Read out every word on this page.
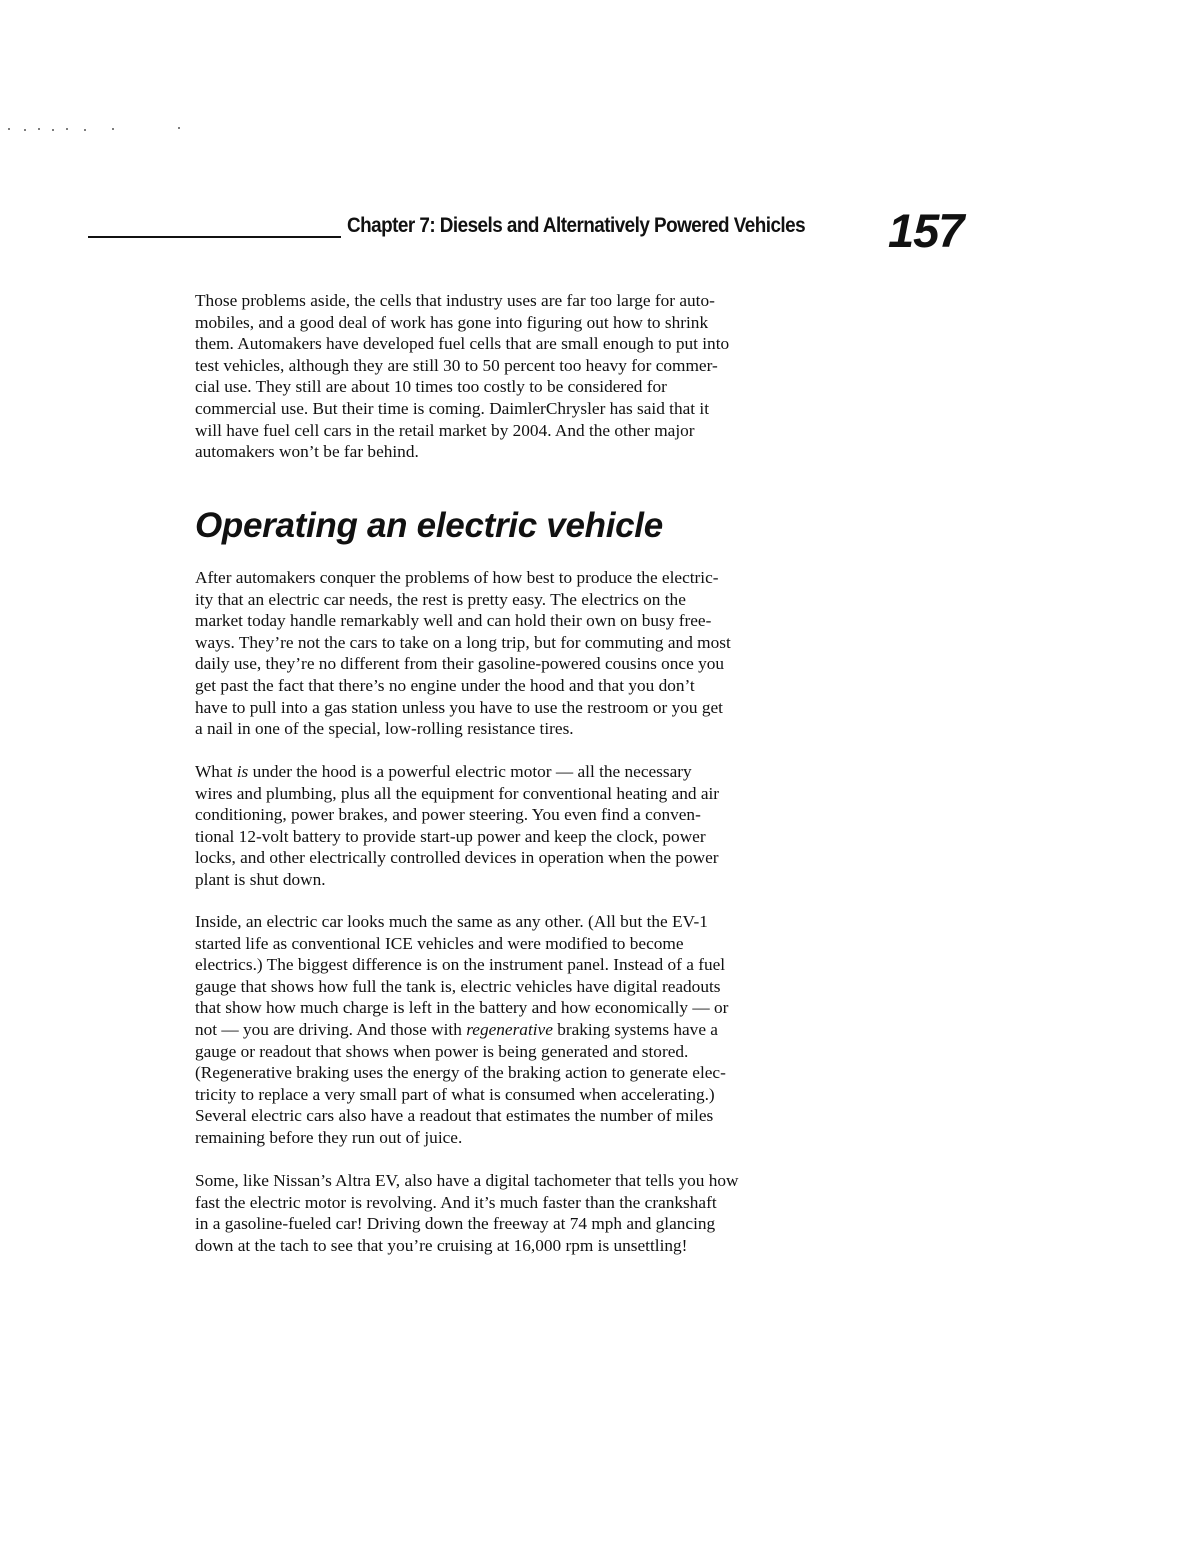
Chapter 7: Diesels and Alternatively Powered Vehicles 157

Those problems aside, the cells that industry uses are far too large for auto-
mobiles, and a good deal of work has gone into figuring out how to shrink
them. Automakers have developed fuel cells that are small enough to put into
test vehicles, although they are still 30 to 50 percent too heavy for commer-
cial use. They still are about 10 times too costly to be considered for
commercial use. But their time is coming. DaimlerChrysler has said that it
will have fuel cell cars in the retail market by 2004. And the other major
automakers won’t be far behind.

Operating an electric vehicle

After automakers conquer the problems of how best to produce the electric-
ity that an electric car needs, the rest is pretty easy. The electrics on the
market today handle remarkably well and can hold their own on busy free-
ways. They’re not the cars to take on a long trip, but for commuting and most
daily use, they’re no different from their gasoline-powered cousins once you
get past the fact that there’s no engine under the hood and that you don’t
have to pull into a gas station unless you have to use the restroom or you get
a nail in one of the special, low-rolling resistance tires.

What is under the hood is a powerful electric motor — all the necessary
wires and plumbing, plus all the equipment for conventional heating and air
conditioning, power brakes, and power steering. You even find a conven-
tional 12-volt battery to provide start-up power and keep the clock, power
locks, and other electrically controlled devices in operation when the power
plant is shut down.

Inside, an electric car looks much the same as any other. (All but the EV-1
started life as conventional ICE vehicles and were modified to become
electrics.) The biggest difference is on the instrument panel. Instead of a fuel
gauge that shows how full the tank is, electric vehicles have digital readouts
that show how much charge is left in the battery and how economically — or
not — you are driving. And those with regenerative braking systems have a
gauge or readout that shows when power is being generated and stored.
(Regenerative braking uses the energy of the braking action to generate elec-
tricity to replace a very small part of what is consumed when accelerating.)
Several electric cars also have a readout that estimates the number of miles
remaining before they run out of juice.

Some, like Nissan’s Altra EV, also have a digital tachometer that tells you how
fast the electric motor is revolving. And it’s much faster than the crankshaft
in a gasoline-fueled car! Driving down the freeway at 74 mph and glancing
down at the tach to see that you’re cruising at 16,000 rpm is unsettling!
